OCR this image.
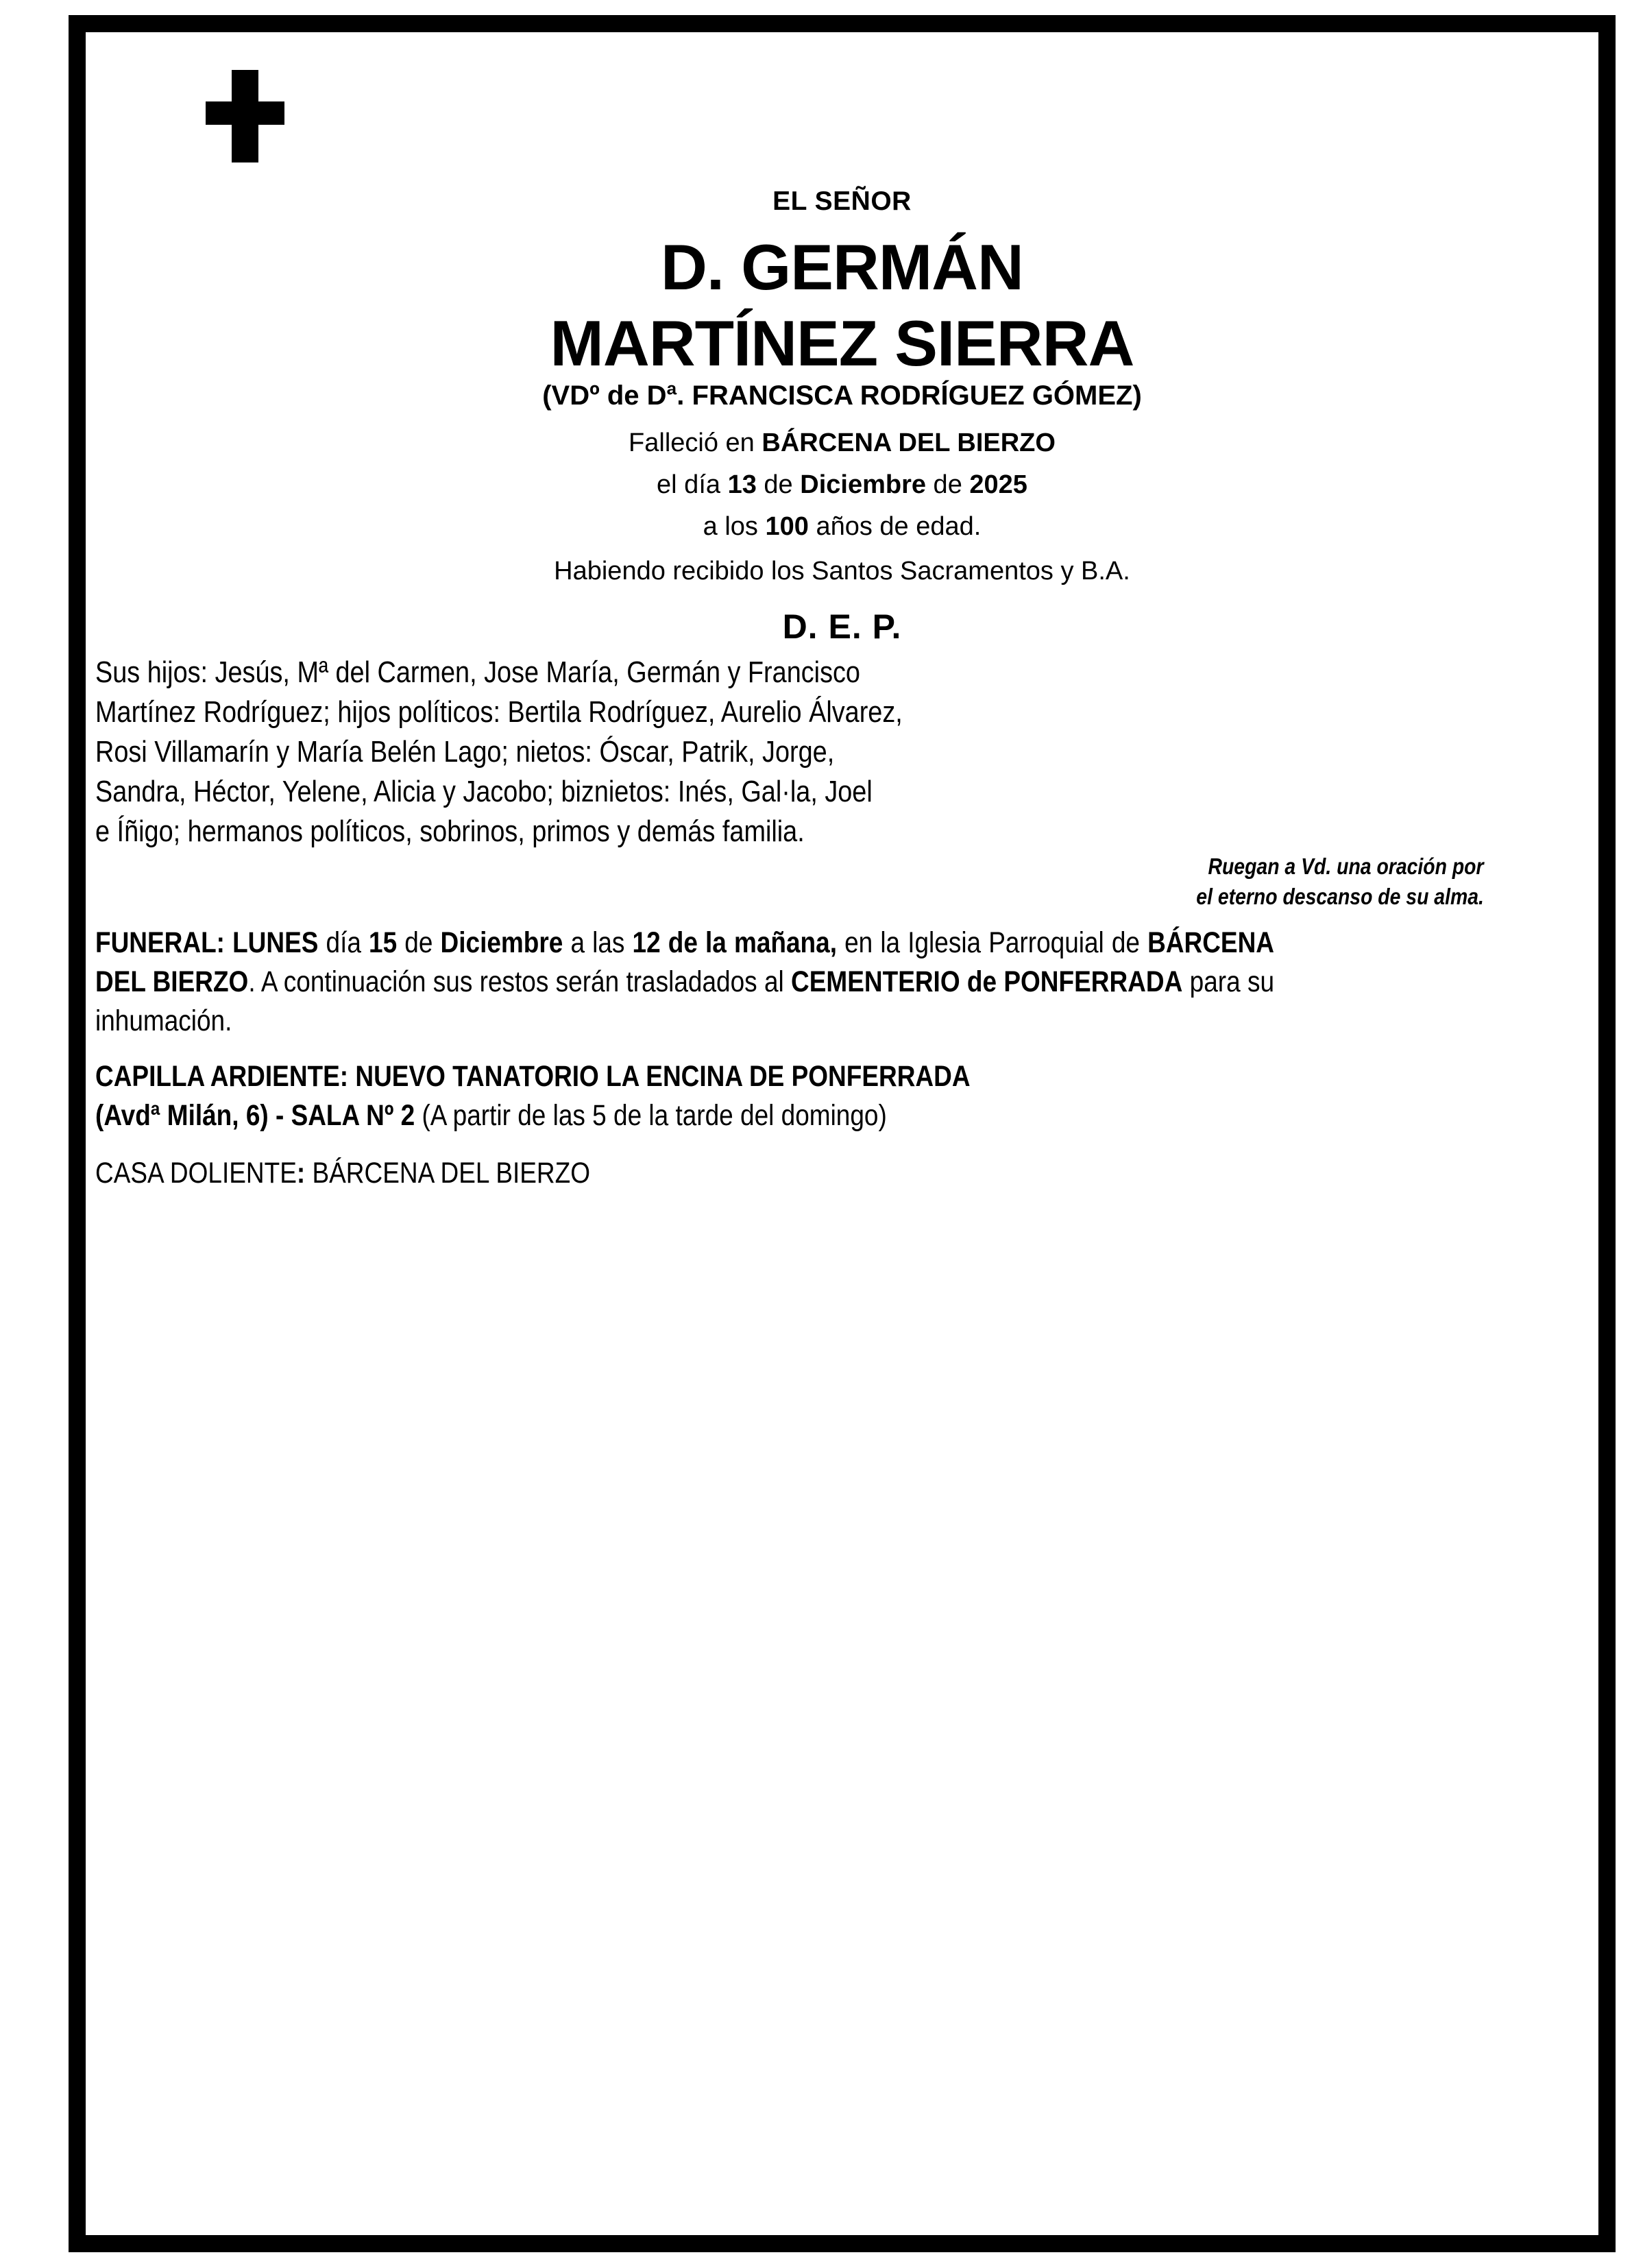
EL SEÑOR
D. GERMÁN
MARTÍNEZ SIERRA
(VDº de Dª. FRANCISCA RODRÍGUEZ GÓMEZ)
Falleció en BÁRCENA DEL BIERZO
el día 13 de Diciembre de 2025
a los 100 años de edad.
Habiendo recibido los Santos Sacramentos y B.A.
D. E. P.
Sus hijos: Jesús, Mª del Carmen, Jose María, Germán y Francisco
Martínez Rodríguez; hijos políticos: Bertila Rodríguez, Aurelio Álvarez,
Rosi Villamarín y María Belén Lago; nietos: Óscar, Patrik, Jorge,
Sandra, Héctor, Yelene, Alicia y Jacobo; biznietos: Inés, Gal·la, Joel
e Íñigo; hermanos políticos, sobrinos, primos y demás familia.
Ruegan a Vd. una oración por
el eterno descanso de su alma.
FUNERAL: LUNES día 15 de Diciembre a las 12 de la mañana, en la Iglesia Parroquial de BÁRCENA DEL BIERZO. A continuación sus restos serán trasladados al CEMENTERIO de PONFERRADA para su inhumación.
CAPILLA ARDIENTE: NUEVO TANATORIO LA ENCINA DE PONFERRADA
(Avdª Milán, 6) - SALA Nº 2 (A partir de las 5 de la tarde del domingo)
CASA DOLIENTE: BÁRCENA DEL BIERZO
